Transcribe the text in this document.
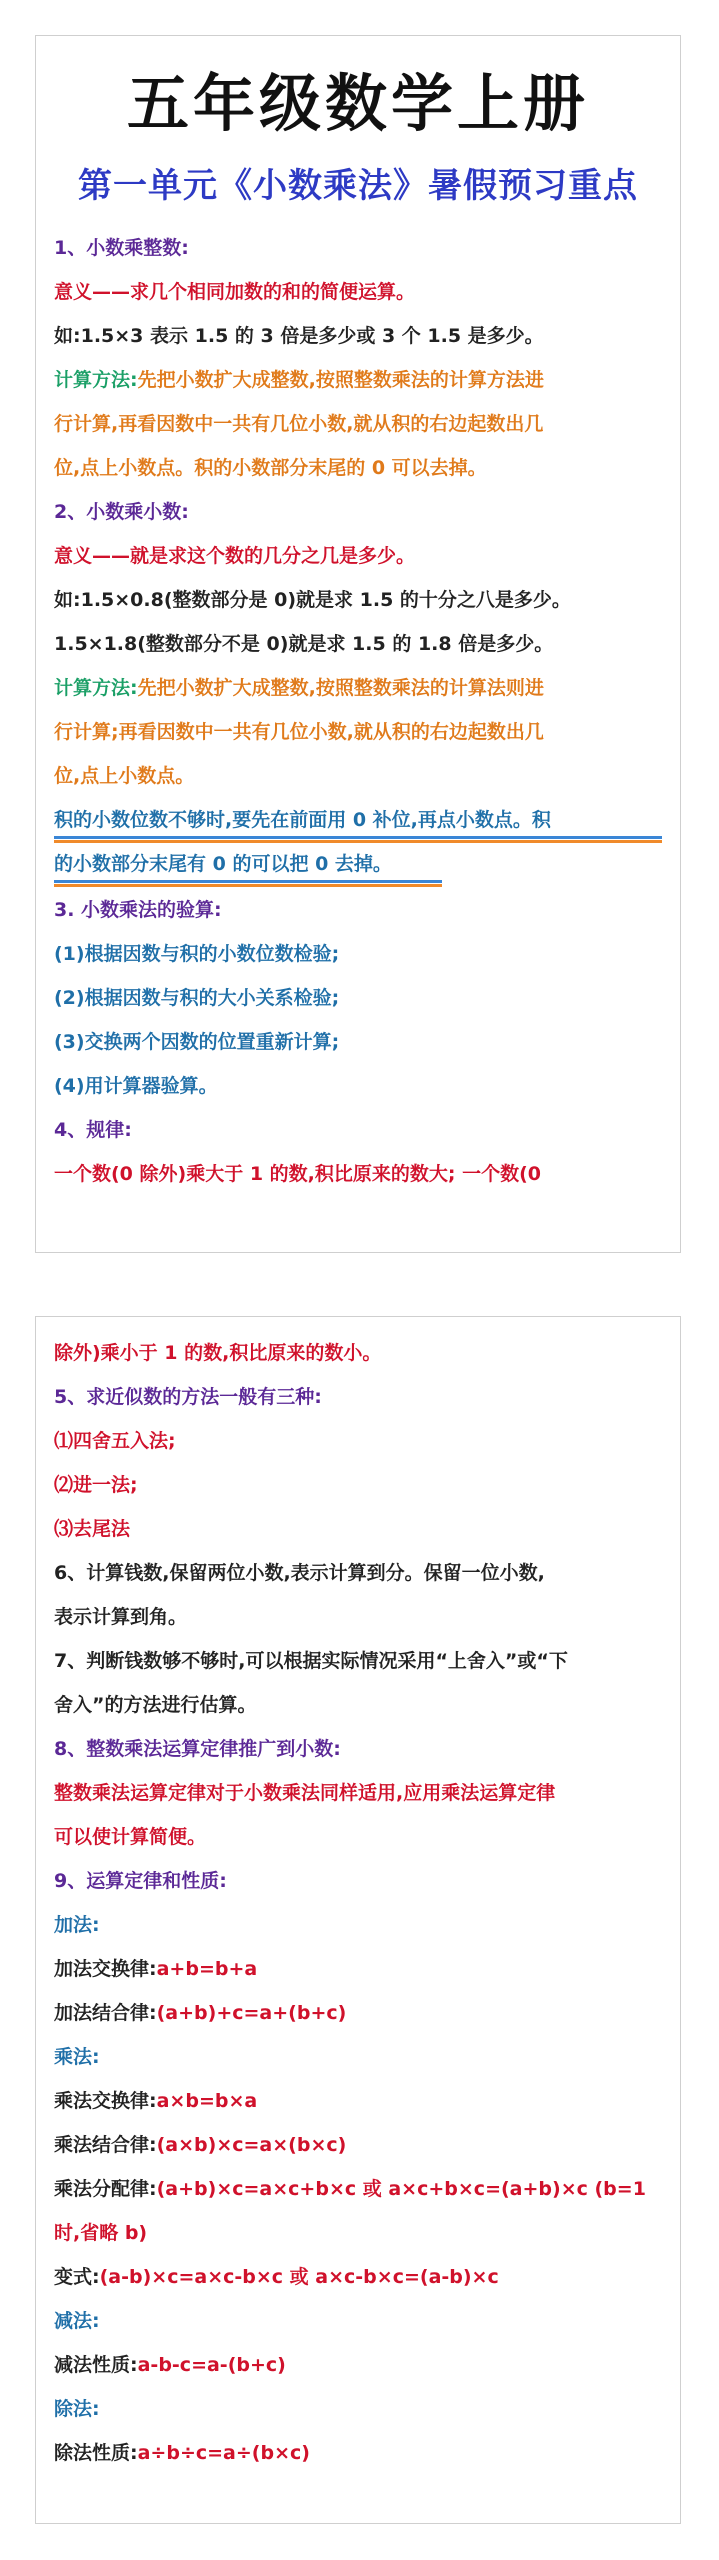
五年级数学上册
第一单元《小数乘法》暑假预习重点
1、小数乘整数:
意义——求几个相同加数的和的简便运算。
如:1.5×3 表示 1.5 的 3 倍是多少或 3 个 1.5 是多少。
计算方法:先把小数扩大成整数,按照整数乘法的计算方法进
行计算,再看因数中一共有几位小数,就从积的右边起数出几
位,点上小数点。积的小数部分末尾的 0 可以去掉。
2、小数乘小数:
意义——就是求这个数的几分之几是多少。
如:1.5×0.8(整数部分是 0)就是求 1.5 的十分之八是多少。
1.5×1.8(整数部分不是 0)就是求 1.5 的 1.8 倍是多少。
计算方法:先把小数扩大成整数,按照整数乘法的计算法则进
行计算;再看因数中一共有几位小数,就从积的右边起数出几
位,点上小数点。
积的小数位数不够时,要先在前面用 0 补位,再点小数点。积
的小数部分末尾有 0 的可以把 0 去掉。
3. 小数乘法的验算:
(1)根据因数与积的小数位数检验;
(2)根据因数与积的大小关系检验;
(3)交换两个因数的位置重新计算;
(4)用计算器验算。
4、规律:
一个数(0 除外)乘大于 1 的数,积比原来的数大; 一个数(0
除外)乘小于 1 的数,积比原来的数小。
5、求近似数的方法一般有三种:
⑴四舍五入法;
⑵进一法;
⑶去尾法
6、计算钱数,保留两位小数,表示计算到分。保留一位小数,
表示计算到角。
7、判断钱数够不够时,可以根据实际情况采用“上舍入”或“下
舍入”的方法进行估算。
8、整数乘法运算定律推广到小数:
整数乘法运算定律对于小数乘法同样适用,应用乘法运算定律
可以使计算简便。
9、运算定律和性质:
加法:
加法交换律:a+b=b+a
加法结合律:(a+b)+c=a+(b+c)
乘法:
乘法交换律:a×b=b×a
乘法结合律:(a×b)×c=a×(b×c)
乘法分配律:(a+b)×c=a×c+b×c 或 a×c+b×c=(a+b)×c (b=1
时,省略 b)
变式:(a-b)×c=a×c-b×c 或 a×c-b×c=(a-b)×c
减法:
减法性质:a-b-c=a-(b+c)
除法:
除法性质:a÷b÷c=a÷(b×c)
